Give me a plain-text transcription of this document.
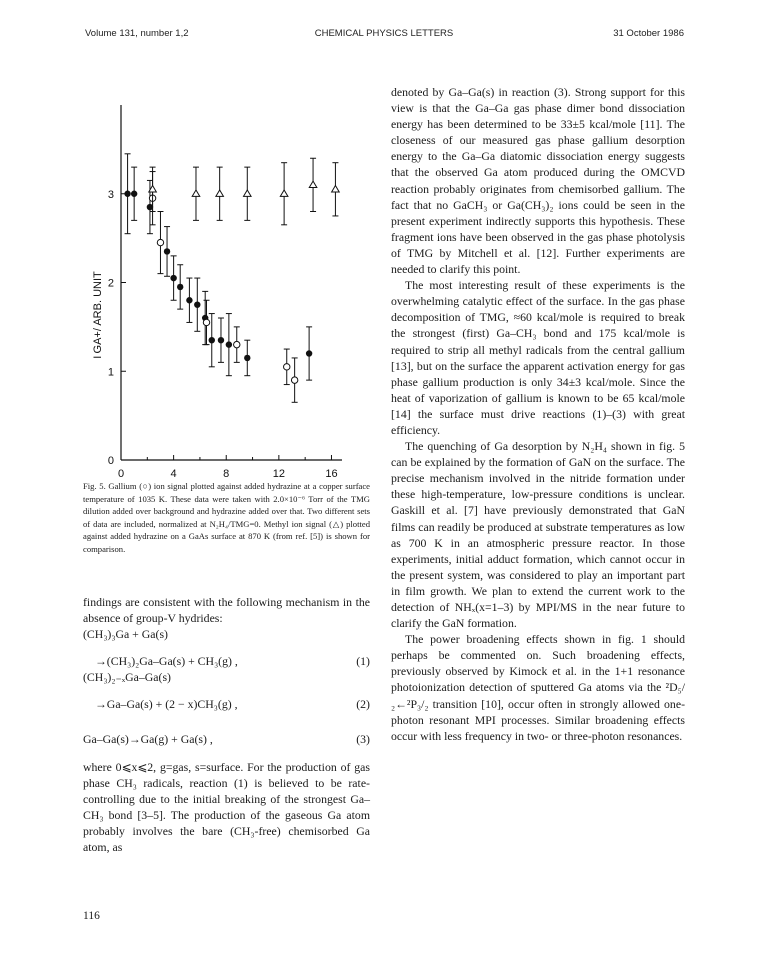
Volume 131, number 1,2	CHEMICAL PHYSICS LETTERS	31 October 1986
0	4	8	12	16
0
1
2
3
I GA+/ ARB. UNIT
Fig. 5. Gallium (○) ion signal plotted against added hydrazine at a copper surface temperature of 1035 K. These data were taken with 2.0×10⁻⁶ Torr of the TMG dilution added over background and hydrazine added over that. Two different sets of data are included, normalized at N₂H₄/TMG=0. Methyl ion signal (△) plotted against added hydrazine on a GaAs surface at 870 K (from ref. [5]) is shown for comparison.

findings are consistent with the following mechanism in the absence of group-V hydrides:

(CH₃)₃Ga + Ga(s)

→(CH₃)₂Ga–Ga(s) + CH₃(g) ,	(1)

(CH₃)₂₋ₓGa–Ga(s)

→Ga–Ga(s) + (2 − x)CH₃(g) ,	(2)
Ga–Ga(s)→Ga(g) + Ga(s) ,	(3)

where 0⩽x⩽2, g=gas, s=surface. For the production of gas phase CH₃ radicals, reaction (1) is believed to be rate-controlling due to the initial breaking of the strongest Ga–CH₃ bond [3–5]. The production of the gaseous Ga atom probably involves the bare (CH₃-free) chemisorbed Ga atom, as

denoted by Ga–Ga(s) in reaction (3). Strong support for this view is that the Ga–Ga gas phase dimer bond dissociation energy has been determined to be 33±5 kcal/mole [11]. The closeness of our measured gas phase gallium desorption energy to the Ga–Ga diatomic dissociation energy suggests that the observed Ga atom produced during the OMCVD reaction probably originates from chemisorbed gallium. The fact that no GaCH₃ or Ga(CH₃)₂ ions could be seen in the present experiment indirectly supports this hypothesis. These fragment ions have been observed in the gas phase photolysis of TMG by Mitchell et al. [12]. Further experiments are needed to clarify this point.

The most interesting result of these experiments is the overwhelming catalytic effect of the surface. In the gas phase decomposition of TMG, ≈60 kcal/mole is required to break the strongest (first) Ga–CH₃ bond and 175 kcal/mole is required to strip all methyl radicals from the central gallium [13], but on the surface the apparent activation energy for gas phase gallium production is only 34±3 kcal/mole. Since the heat of vaporization of gallium is known to be 65 kcal/mole [14] the surface must drive reactions (1)–(3) with great efficiency.

The quenching of Ga desorption by N₂H₄ shown in fig. 5 can be explained by the formation of GaN on the surface. The precise mechanism involved in the nitride formation under these high-temperature, low-pressure conditions is unclear. Gaskill et al. [7] have previously demonstrated that GaN films can readily be produced at substrate temperatures as low as 700 K in an atmospheric pressure reactor. In those experiments, initial adduct formation, which cannot occur in the present system, was considered to play an important part in film growth. We plan to extend the current work to the detection of NHₓ(x=1–3) by MPI/MS in the near future to clarify the GaN formation.

The power broadening effects shown in fig. 1 should perhaps be commented on. Such broadening effects, previously observed by Kimock et al. in the 1+1 resonance photoionization detection of sputtered Ga atoms via the ²D₅/₂←²P₃/₂ transition [10], occur often in strongly allowed one-photon resonant MPI processes. Similar broadening effects occur with less frequency in two- or three-photon resonances.

116
